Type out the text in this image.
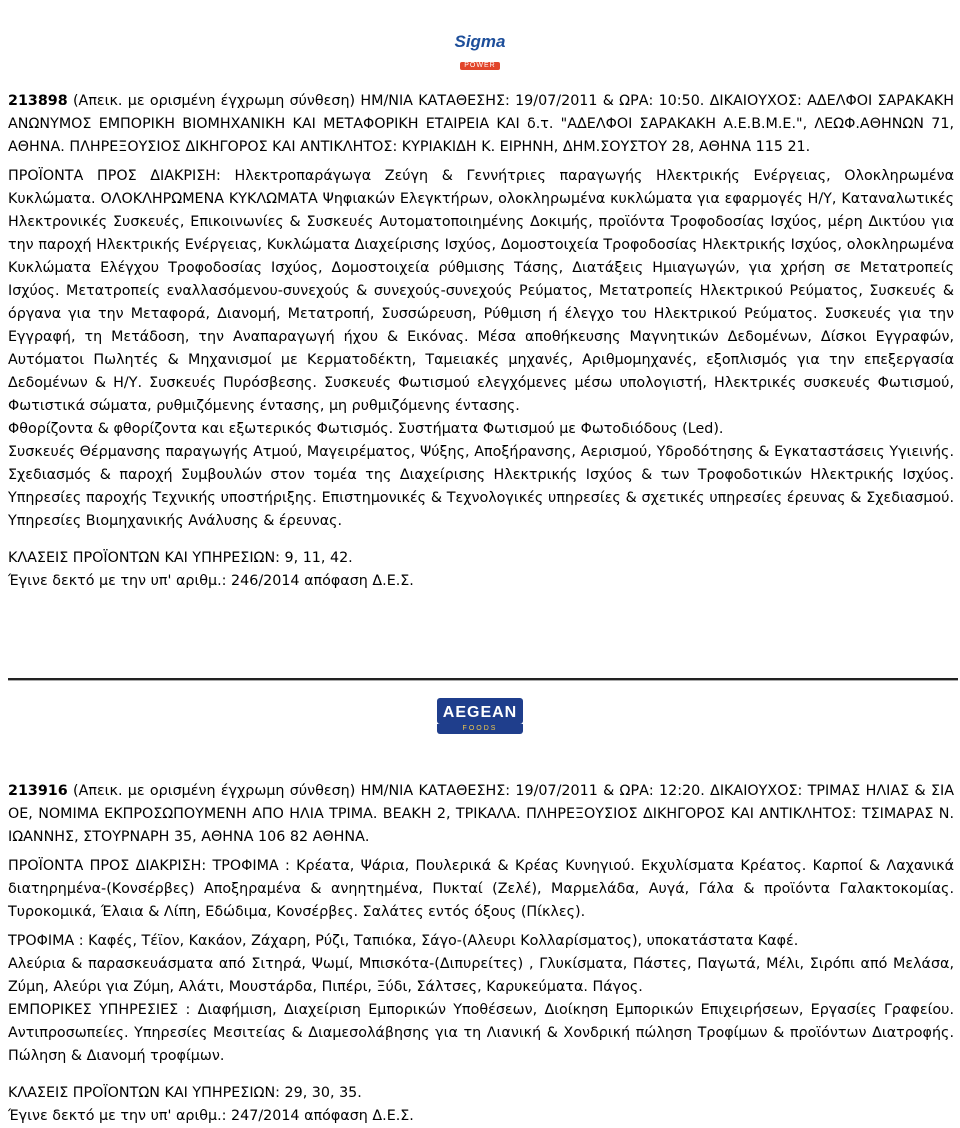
Sigma
POWER

213898 (Απεικ. με ορισμένη έγχρωμη σύνθεση) ΗΜ/ΝΙΑ ΚΑΤΑΘΕΣΗΣ: 19/07/2011 & ΩΡΑ: 10:50. ΔΙΚΑΙΟΥΧΟΣ: ΑΔΕΛΦΟΙ ΣΑΡΑΚΑΚΗ ΑΝΩΝΥΜΟΣ ΕΜΠΟΡΙΚΗ ΒΙΟΜΗΧΑΝΙΚΗ ΚΑΙ ΜΕΤΑΦΟΡΙΚΗ ΕΤΑΙΡΕΙΑ ΚΑΙ δ.τ. "ΑΔΕΛΦΟΙ ΣΑΡΑΚΑΚΗ Α.Ε.Β.Μ.Ε.", ΛΕΩΦ.ΑΘΗΝΩΝ 71, ΑΘΗΝΑ. ΠΛΗΡΕΞΟΥΣΙΟΣ ΔΙΚΗΓΟΡΟΣ ΚΑΙ ΑΝΤΙΚΛΗΤΟΣ: ΚΥΡΙΑΚΙΔΗ Κ. ΕΙΡΗΝΗ, ΔΗΜ.ΣΟΥΣΤΟΥ 28, ΑΘΗΝΑ 115 21.

ΠΡΟΪΟΝΤΑ ΠΡΟΣ ΔΙΑΚΡΙΣΗ: Ηλεκτροπαράγωγα Ζεύγη & Γεννήτριες παραγωγής Ηλεκτρικής Ενέργειας, Ολοκληρωμένα Κυκλώματα. ΟΛΟΚΛΗΡΩΜΕΝΑ ΚΥΚΛΩΜΑΤΑ Ψηφιακών Ελεγκτήρων, ολοκληρωμένα κυκλώματα για εφαρμογές Η/Υ, Καταναλωτικές Ηλεκτρονικές Συσκευές, Επικοινωνίες & Συσκευές Αυτοματοποιημένης Δοκιμής, προϊόντα Τροφοδοσίας Ισχύος, μέρη Δικτύου για την παροχή Ηλεκτρικής Ενέργειας, Κυκλώματα Διαχείρισης Ισχύος, Δομοστοιχεία Τροφοδοσίας Ηλεκτρικής Ισχύος, ολοκληρωμένα Κυκλώματα Ελέγχου Τροφοδοσίας Ισχύος, Δομοστοιχεία ρύθμισης Τάσης, Διατάξεις Ημιαγωγών, για χρήση σε Μετατροπείς Ισχύος. Μετατροπείς εναλλασόμενου-συνεχούς & συνεχούς-συνεχούς Ρεύματος, Μετατροπείς Ηλεκτρικού Ρεύματος, Συσκευές & όργανα για την Μεταφορά, Διανομή, Μετατροπή, Συσσώρευση, Ρύθμιση ή έλεγχο του Ηλεκτρικού Ρεύματος. Συσκευές για την Εγγραφή, τη Μετάδοση, την Αναπαραγωγή ήχου & Εικόνας. Μέσα αποθήκευσης Μαγνητικών Δεδομένων, Δίσκοι Εγγραφών, Αυτόματοι Πωλητές & Μηχανισμοί με Κερματοδέκτη, Ταμειακές μηχανές, Αριθμομηχανές, εξοπλισμός για την επεξεργασία Δεδομένων & Η/Υ. Συσκευές Πυρόσβεσης. Συσκευές Φωτισμού ελεγχόμενες μέσω υπολογιστή, Ηλεκτρικές συσκευές Φωτισμού, Φωτιστικά σώματα, ρυθμιζόμενης έντασης, μη ρυθμιζόμενης έντασης.

Φθορίζοντα & φθορίζοντα και εξωτερικός Φωτισμός. Συστήματα Φωτισμού με Φωτοδιόδους (Led).

Συσκευές Θέρμανσης παραγωγής Ατμού, Μαγειρέματος, Ψύξης, Αποξήρανσης, Αερισμού, Υδροδότησης & Εγκαταστάσεις Υγιεινής. Σχεδιασμός & παροχή Συμβουλών στον τομέα της Διαχείρισης Ηλεκτρικής Ισχύος & των Τροφοδοτικών Ηλεκτρικής Ισχύος. Υπηρεσίες παροχής Τεχνικής υποστήριξης. Επιστημονικές & Τεχνολογικές υπηρεσίες & σχετικές υπηρεσίες έρευνας & Σχεδιασμού. Υπηρεσίες Βιομηχανικής Ανάλυσης & έρευνας.

ΚΛΑΣΕΙΣ ΠΡΟΪΟΝΤΩΝ ΚΑΙ ΥΠΗΡΕΣΙΩΝ: 9, 11, 42.

Έγινε δεκτό με την υπ' αριθμ.: 246/2014 απόφαση Δ.Ε.Σ.

AEGEAN
FOODS

213916 (Απεικ. με ορισμένη έγχρωμη σύνθεση) ΗΜ/ΝΙΑ ΚΑΤΑΘΕΣΗΣ: 19/07/2011 & ΩΡΑ: 12:20. ΔΙΚΑΙΟΥΧΟΣ: ΤΡΙΜΑΣ ΗΛΙΑΣ & ΣΙΑ ΟΕ, ΝΟΜΙΜΑ ΕΚΠΡΟΣΩΠΟΥΜΕΝΗ ΑΠΟ ΗΛΙΑ ΤΡΙΜΑ. ΒΕΑΚΗ 2, ΤΡΙΚΑΛΑ. ΠΛΗΡΕΞΟΥΣΙΟΣ ΔΙΚΗΓΟΡΟΣ ΚΑΙ ΑΝΤΙΚΛΗΤΟΣ: ΤΣΙΜΑΡΑΣ Ν. ΙΩΑΝΝΗΣ, ΣΤΟΥΡΝΑΡΗ 35, ΑΘΗΝΑ 106 82 ΑΘΗΝΑ.

ΠΡΟΪΟΝΤΑ ΠΡΟΣ ΔΙΑΚΡΙΣΗ: ΤΡΟΦΙΜΑ : Κρέατα, Ψάρια, Πουλερικά & Κρέας Κυνηγιού. Εκχυλίσματα Κρέατος. Καρποί & Λαχανικά διατηρημένα-(Κονσέρβες) Αποξηραμένα & ανηητημένα, Πυκταί (Ζελέ), Μαρμελάδα, Αυγά, Γάλα & προϊόντα Γαλακτοκομίας. Τυροκομικά, Έλαια & Λίπη, Εδώδιμα, Κονσέρβες. Σαλάτες εντός όξους (Πίκλες).

ΤΡΟΦΙΜΑ : Καφές, Τέϊον, Κακάον, Ζάχαρη, Ρύζι, Ταπιόκα, Σάγο-(Αλευρι Κολλαρίσματος), υποκατάστατα Καφέ.

Αλεύρια & παρασκευάσματα από Σιτηρά, Ψωμί, Μπισκότα-(Διπυρείτες) , Γλυκίσματα, Πάστες, Παγωτά, Μέλι, Σιρόπι από Μελάσα, Ζύμη, Αλεύρι για Ζύμη, Αλάτι, Μουστάρδα, Πιπέρι, Ξύδι, Σάλτσες, Καρυκεύματα. Πάγος.

ΕΜΠΟΡΙΚΕΣ ΥΠΗΡΕΣΙΕΣ : Διαφήμιση, Διαχείριση Εμπορικών Υποθέσεων, Διοίκηση Εμπορικών Επιχειρήσεων, Εργασίες Γραφείου. Αντιπροσωπείες. Υπηρεσίες Μεσιτείας & Διαμεσολάβησης για τη Λιανική & Χονδρική πώληση Τροφίμων & προϊόντων Διατροφής. Πώληση & Διανομή τροφίμων.

ΚΛΑΣΕΙΣ ΠΡΟΪΟΝΤΩΝ ΚΑΙ ΥΠΗΡΕΣΙΩΝ: 29, 30, 35.

Έγινε δεκτό με την υπ' αριθμ.: 247/2014 απόφαση Δ.Ε.Σ.
